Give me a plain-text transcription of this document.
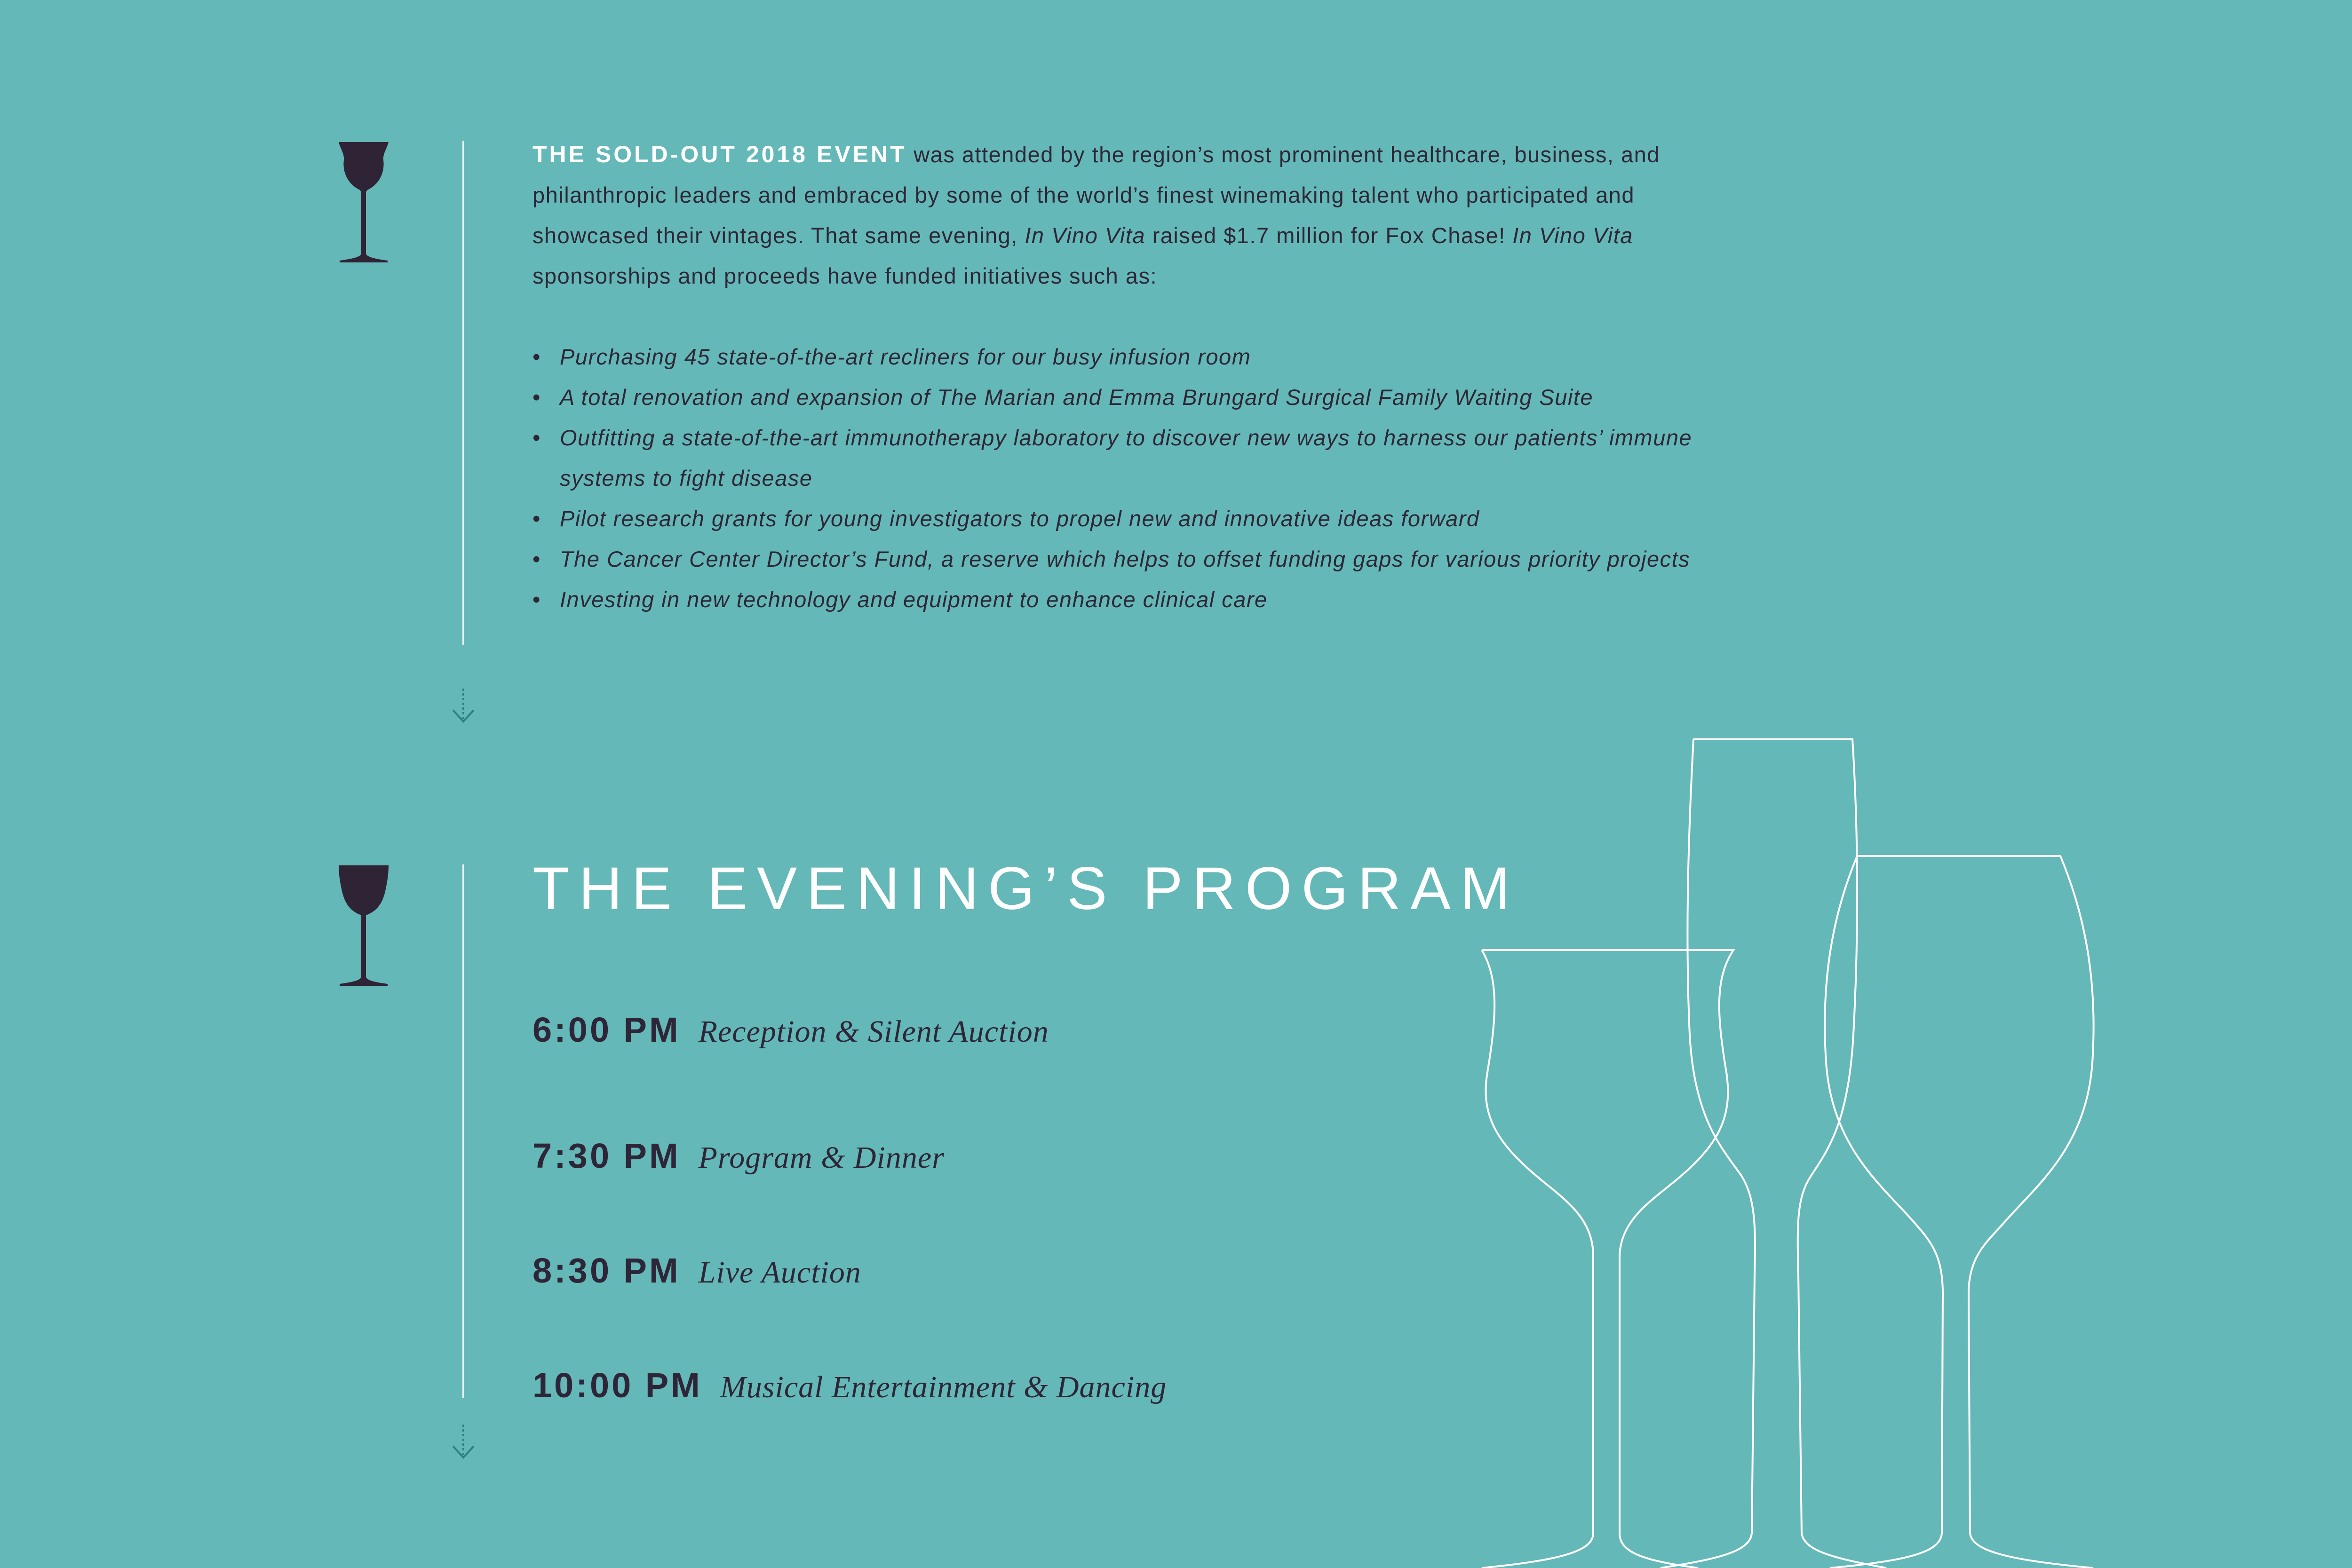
THE SOLD-OUT 2018 EVENT was attended by the region’s most prominent healthcare, business, and philanthropic leaders and embraced by some of the world’s finest winemaking talent who participated and showcased their vintages. That same evening, In Vino Vita raised $1.7 million for Fox Chase! In Vino Vita sponsorships and proceeds have funded initiatives such as:

• Purchasing 45 state-of-the-art recliners for our busy infusion room
• A total renovation and expansion of The Marian and Emma Brungard Surgical Family Waiting Suite
• Outfitting a state-of-the-art immunotherapy laboratory to discover new ways to harness our patients’ immune systems to fight disease
• Pilot research grants for young investigators to propel new and innovative ideas forward
• The Cancer Center Director’s Fund, a reserve which helps to offset funding gaps for various priority projects
• Investing in new technology and equipment to enhance clinical care
THE EVENING’S PROGRAM
6:00 PM Reception & Silent Auction
7:30 PM Program & Dinner
8:30 PM Live Auction
10:00 PM Musical Entertainment & Dancing
